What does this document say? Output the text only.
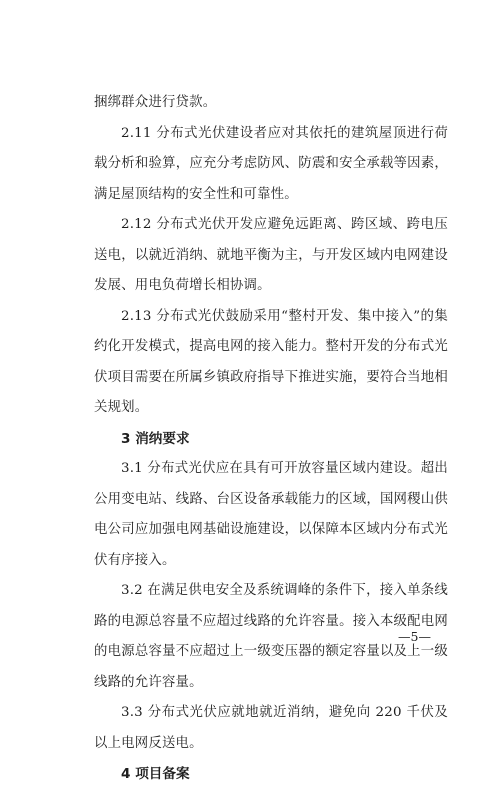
捆绑群众进行贷款。

2.11 分布式光伏建设者应对其依托的建筑屋顶进行荷载分析和验算，应充分考虑防风、防震和安全承载等因素，满足屋顶结构的安全性和可靠性。

2.12 分布式光伏开发应避免远距离、跨区域、跨电压送电，以就近消纳、就地平衡为主，与开发区域内电网建设发展、用电负荷增长相协调。

2.13 分布式光伏鼓励采用“整村开发、集中接入”的集约化开发模式，提高电网的接入能力。整村开发的分布式光伏项目需要在所属乡镇政府指导下推进实施，要符合当地相关规划。

3 消纳要求

3.1 分布式光伏应在具有可开放容量区域内建设。超出公用变电站、线路、台区设备承载能力的区域，国网稷山供电公司应加强电网基础设施建设，以保障本区域内分布式光伏有序接入。

3.2 在满足供电安全及系统调峰的条件下，接入单条线路的电源总容量不应超过线路的允许容量。接入本级配电网的电源总容量不应超过上一级变压器的额定容量以及上一级线路的允许容量。

3.3 分布式光伏应就地就近消纳，避免向 220 千伏及以上电网反送电。

4 项目备案
—5—
